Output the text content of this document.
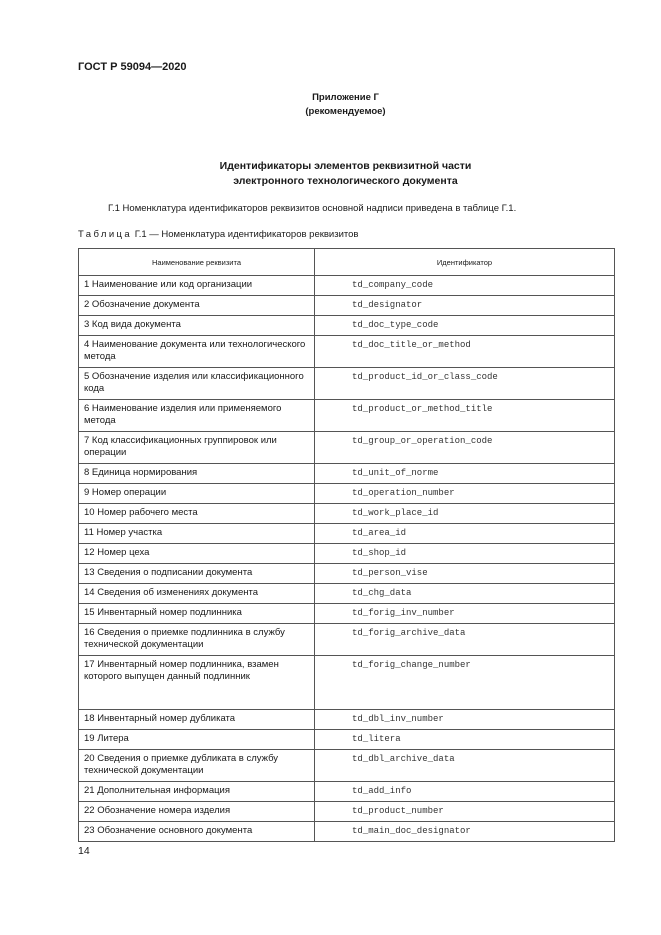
ГОСТ Р 59094—2020
Приложение Г
(рекомендуемое)
Идентификаторы элементов реквизитной части
электронного технологического документа
Г.1 Номенклатура идентификаторов реквизитов основной надписи приведена в таблице Г.1.
Таблица Г.1 — Номенклатура идентификаторов реквизитов
Наименование реквизита	Идентификатор
1 Наименование или код организации	td_company_code
2 Обозначение документа	td_designator
3 Код вида документа	td_doc_type_code
4 Наименование документа или технологического метода	td_doc_title_or_method
5 Обозначение изделия или классификационного кода	td_product_id_or_class_code
6 Наименование изделия или применяемого метода	td_product_or_method_title
7 Код классификационных группировок или операции	td_group_or_operation_code
8 Единица нормирования	td_unit_of_norme
9 Номер операции	td_operation_number
10 Номер рабочего места	td_work_place_id
11 Номер участка	td_area_id
12 Номер цеха	td_shop_id
13 Сведения о подписании документа	td_person_vise
14 Сведения об изменениях документа	td_chg_data
15 Инвентарный номер подлинника	td_forig_inv_number
16 Сведения о приемке подлинника в службу технической документации	td_forig_archive_data
17 Инвентарный номер подлинника, взамен которого выпущен данный подлинник	td_forig_change_number
18 Инвентарный номер дубликата	td_dbl_inv_number
19 Литера	td_litera
20 Сведения о приемке дубликата в службу технической документации	td_dbl_archive_data
21 Дополнительная информация	td_add_info
22 Обозначение номера изделия	td_product_number
23 Обозначение основного документа	td_main_doc_designator
14
